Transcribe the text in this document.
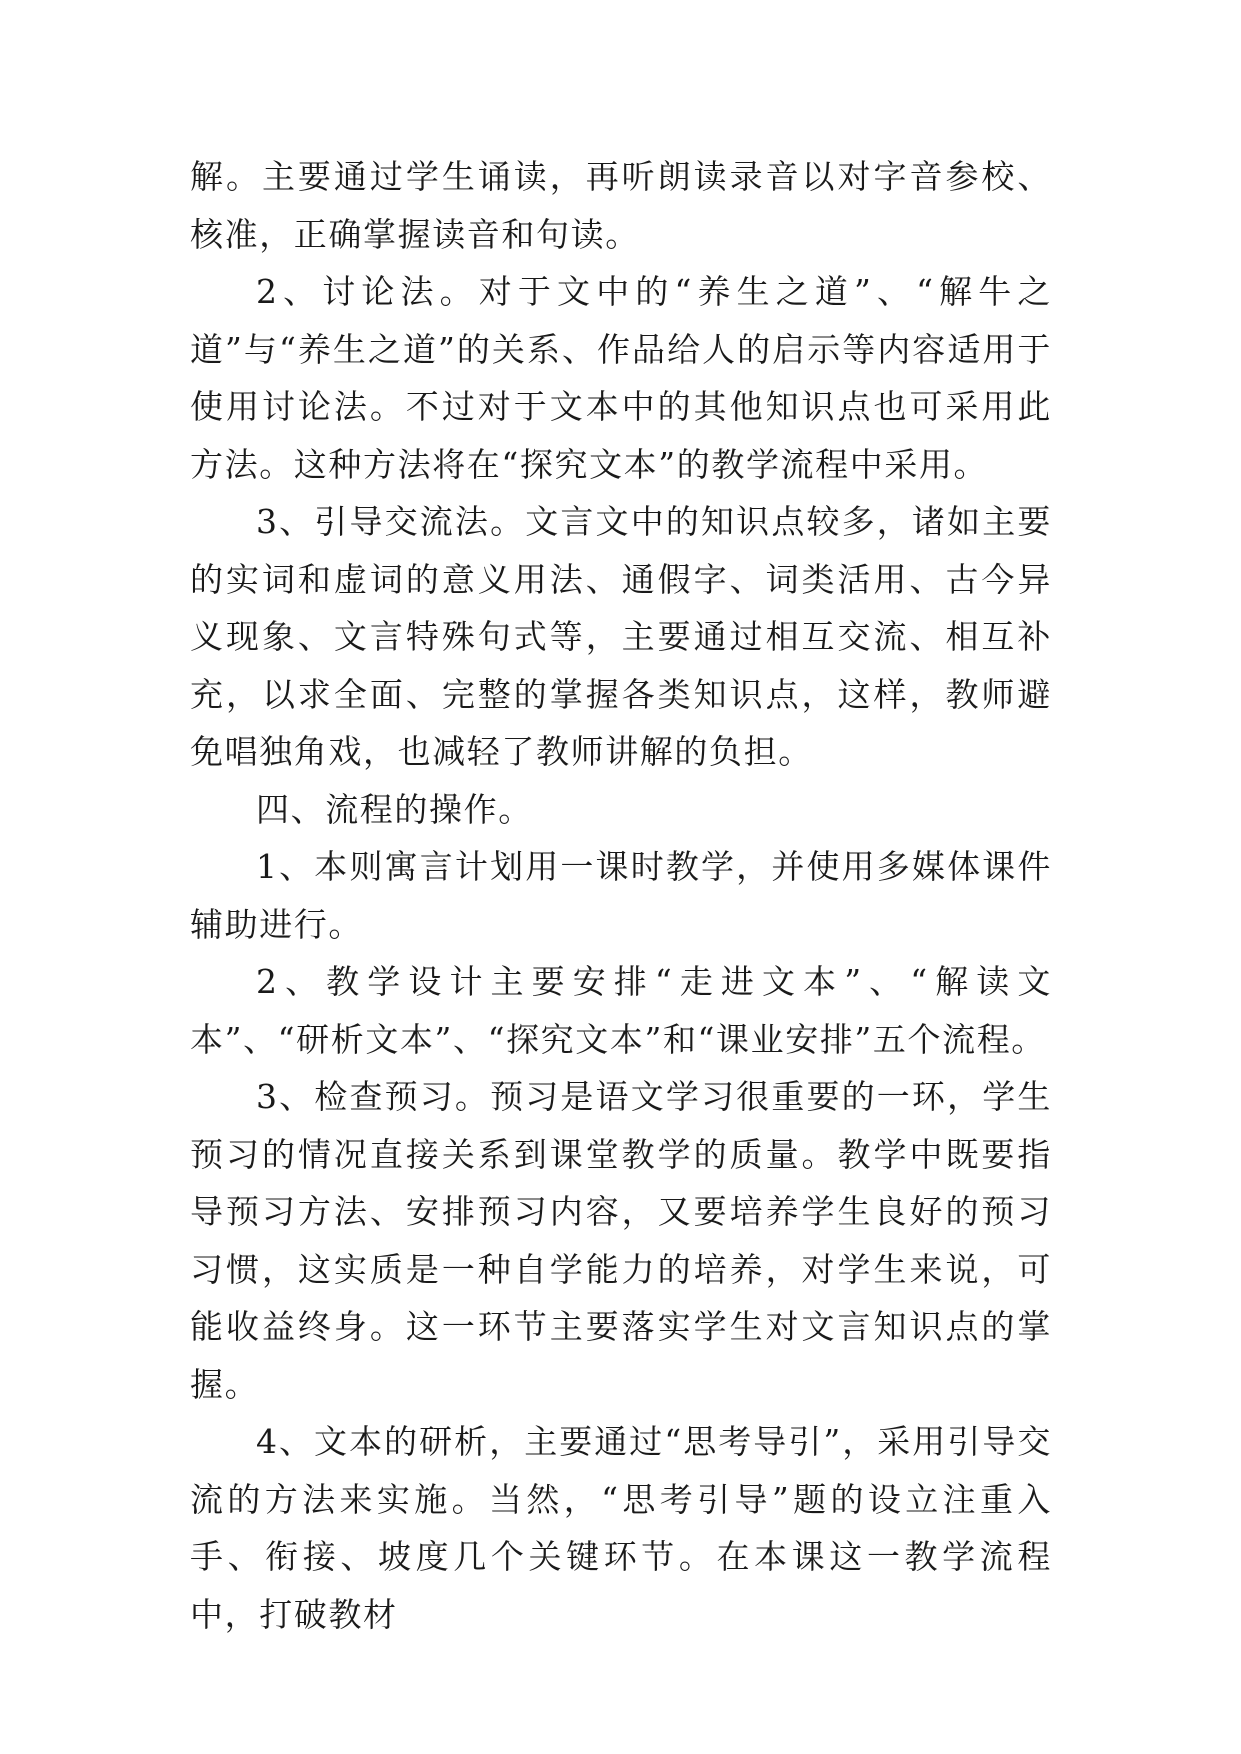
解。主要通过学生诵读，再听朗读录音以对字音参校、核准，正确掌握读音和句读。

2、讨论法。对于文中的“养生之道”、“解牛之道”与“养生之道”的关系、作品给人的启示等内容适用于使用讨论法。不过对于文本中的其他知识点也可采用此方法。这种方法将在“探究文本”的教学流程中采用。

3、引导交流法。文言文中的知识点较多，诸如主要的实词和虚词的意义用法、通假字、词类活用、古今异义现象、文言特殊句式等，主要通过相互交流、相互补充，以求全面、完整的掌握各类知识点，这样，教师避免唱独角戏，也减轻了教师讲解的负担。

四、流程的操作。

1、本则寓言计划用一课时教学，并使用多媒体课件辅助进行。

2、教学设计主要安排“走进文本”、“解读文本”、“研析文本”、“探究文本”和“课业安排”五个流程。

3、检查预习。预习是语文学习很重要的一环，学生预习的情况直接关系到课堂教学的质量。教学中既要指导预习方法、安排预习内容，又要培养学生良好的预习习惯，这实质是一种自学能力的培养，对学生来说，可能收益终身。这一环节主要落实学生对文言知识点的掌握。

4、文本的研析，主要通过“思考导引”，采用引导交流的方法来实施。当然，“思考引导”题的设立注重入手、衔接、坡度几个关键环节。在本课这一教学流程中，打破教材
